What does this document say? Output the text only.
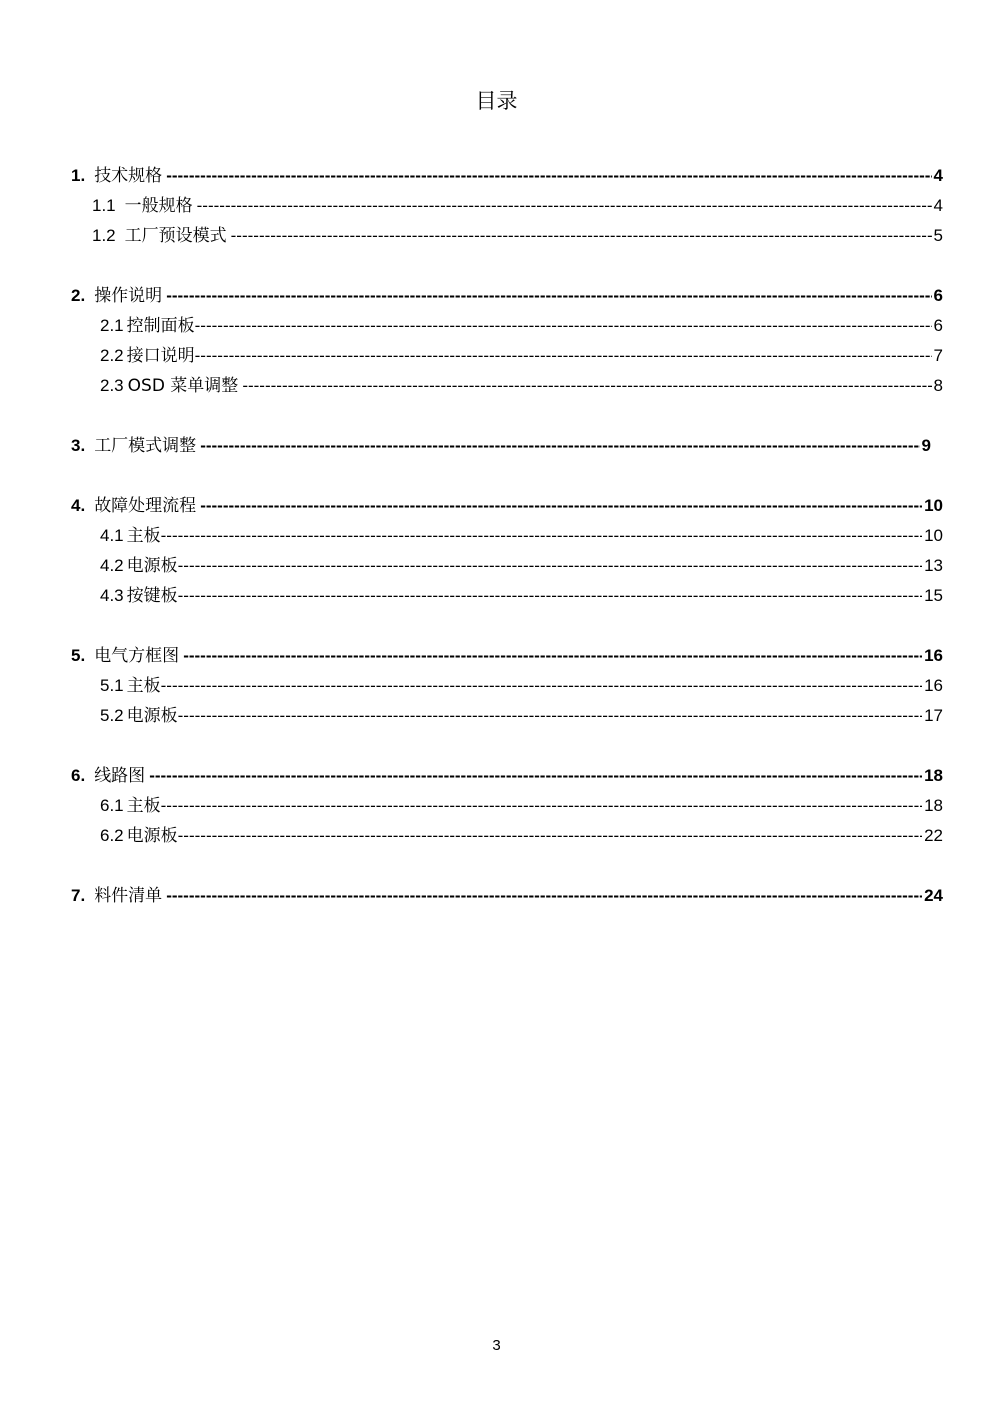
目录
1. 技术规格 -----	4
1.1 一般规格 -----	4
1.2 工厂预设模式 -----	5
2. 操作说明 -----	6
2.1 控制面板 -----	6
2.2 接口说明 -----	7
2.3 OSD 菜单调整 -----	8
3. 工厂模式调整 -----	9
4. 故障处理流程 -----	10
4.1 主板 -----	10
4.2 电源板 -----	13
4.3 按键板 -----	15
5. 电气方框图 -----	16
5.1 主板 -----	16
5.2 电源板 -----	17
6. 线路图 -----	18
6.1 主板 -----	18
6.2 电源板 -----	22
7. 料件清单 -----	24
3
